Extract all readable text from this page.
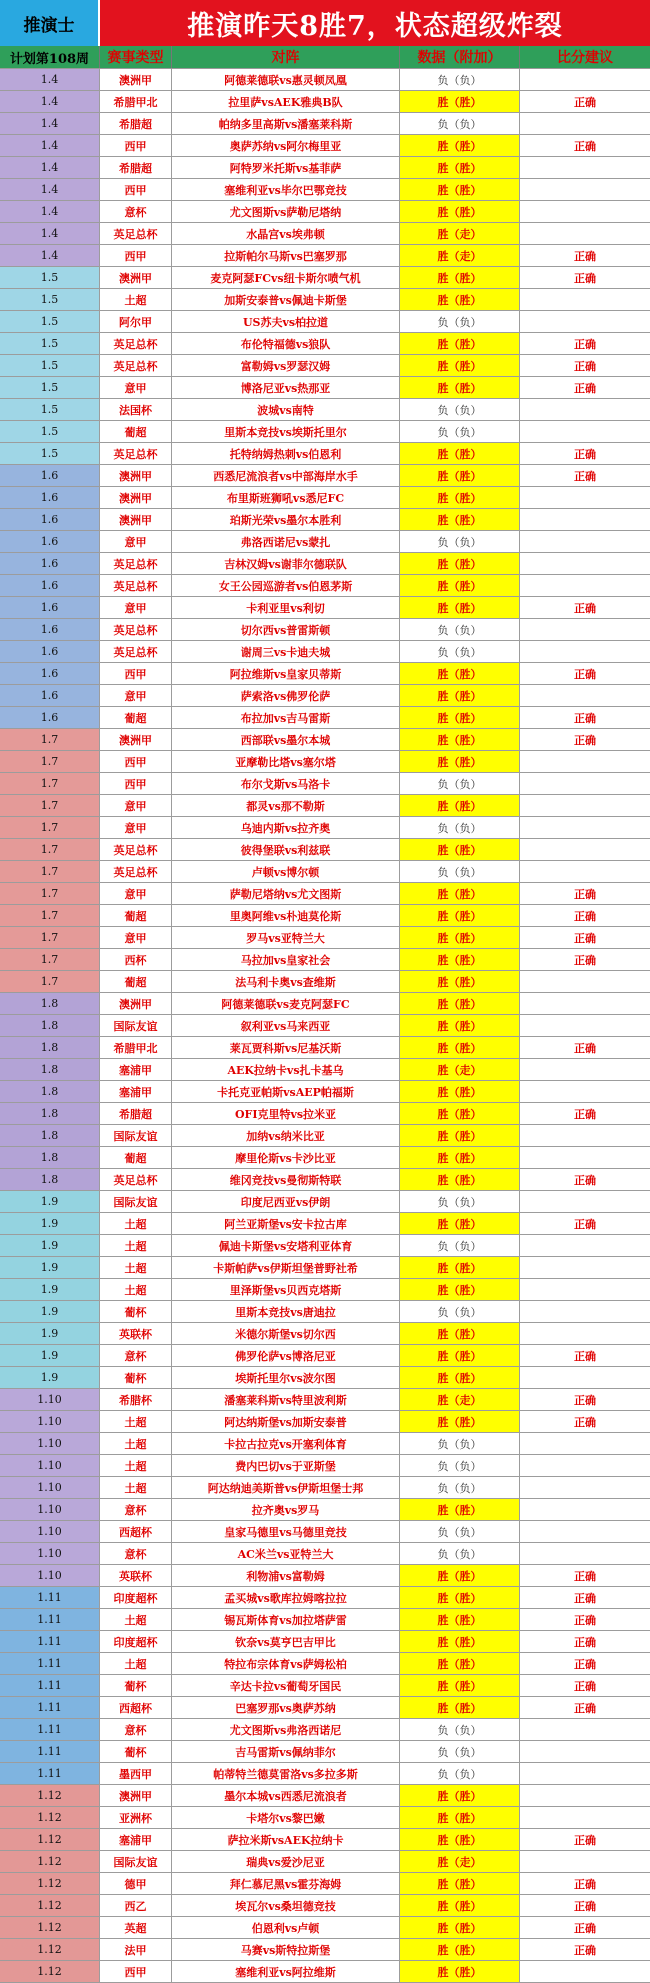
推演士	推演昨天8胜7，状态超级炸裂
计划第108周	赛事类型	对阵	数据（附加）	比分建议
1.4	澳洲甲	阿德莱德联vs惠灵顿凤凰	负（负）
1.4	希腊甲北	拉里萨vsAEK雅典B队	胜（胜）	正确
1.4	希腊超	帕纳多里高斯vs潘塞莱科斯	负（负）
1.4	西甲	奥萨苏纳vs阿尔梅里亚	胜（胜）	正确
1.4	希腊超	阿特罗米托斯vs基菲萨	胜（胜）
1.4	西甲	塞维利亚vs毕尔巴鄂竞技	胜（胜）
1.4	意杯	尤文图斯vs萨勒尼塔纳	胜（胜）
1.4	英足总杯	水晶宫vs埃弗顿	胜（走）
1.4	西甲	拉斯帕尔马斯vs巴塞罗那	胜（走）	正确
1.5	澳洲甲	麦克阿瑟FCvs纽卡斯尔喷气机	胜（胜）	正确
1.5	土超	加斯安泰普vs佩迪卡斯堡	胜（胜）
1.5	阿尔甲	US苏夫vs柏拉道	负（负）
1.5	英足总杯	布伦特福德vs狼队	胜（胜）	正确
1.5	英足总杯	富勒姆vs罗瑟汉姆	胜（胜）	正确
1.5	意甲	博洛尼亚vs热那亚	胜（胜）	正确
1.5	法国杯	波城vs南特	负（负）
1.5	葡超	里斯本竞技vs埃斯托里尔	负（负）
1.5	英足总杯	托特纳姆热刺vs伯恩利	胜（胜）	正确
1.6	澳洲甲	西悉尼流浪者vs中部海岸水手	胜（胜）	正确
1.6	澳洲甲	布里斯班狮吼vs悉尼FC	胜（胜）
1.6	澳洲甲	珀斯光荣vs墨尔本胜利	胜（胜）
1.6	意甲	弗洛西诺尼vs蒙扎	负（负）
1.6	英足总杯	吉林汉姆vs谢菲尔德联队	胜（胜）
1.6	英足总杯	女王公园巡游者vs伯恩茅斯	胜（胜）
1.6	意甲	卡利亚里vs利切	胜（胜）	正确
1.6	英足总杯	切尔西vs普雷斯顿	负（负）
1.6	英足总杯	谢周三vs卡迪夫城	负（负）
1.6	西甲	阿拉维斯vs皇家贝蒂斯	胜（胜）	正确
1.6	意甲	萨索洛vs佛罗伦萨	胜（胜）
1.6	葡超	布拉加vs吉马雷斯	胜（胜）	正确
1.7	澳洲甲	西部联vs墨尔本城	胜（胜）	正确
1.7	西甲	亚摩勒比塔vs塞尔塔	胜（胜）
1.7	西甲	布尔戈斯vs马洛卡	负（负）
1.7	意甲	都灵vs那不勒斯	胜（胜）
1.7	意甲	乌迪内斯vs拉齐奥	负（负）
1.7	英足总杯	彼得堡联vs利兹联	胜（胜）
1.7	英足总杯	卢顿vs博尔顿	负（负）
1.7	意甲	萨勒尼塔纳vs尤文图斯	胜（胜）	正确
1.7	葡超	里奥阿维vs朴迪莫伦斯	胜（胜）	正确
1.7	意甲	罗马vs亚特兰大	胜（胜）	正确
1.7	西杯	马拉加vs皇家社会	胜（胜）	正确
1.7	葡超	法马利卡奥vs查维斯	胜（胜）
1.8	澳洲甲	阿德莱德联vs麦克阿瑟FC	胜（胜）
1.8	国际友谊	叙利亚vs马来西亚	胜（胜）
1.8	希腊甲北	莱瓦贾科斯vs尼基沃斯	胜（胜）	正确
1.8	塞浦甲	AEK拉纳卡vs扎卡基乌	胜（走）
1.8	塞浦甲	卡托克亚帕斯vsAEP帕福斯	胜（胜）
1.8	希腊超	OFI克里特vs拉米亚	胜（胜）	正确
1.8	国际友谊	加纳vs纳米比亚	胜（胜）
1.8	葡超	摩里伦斯vs卡沙比亚	胜（胜）
1.8	英足总杯	维冈竞技vs曼彻斯特联	胜（胜）	正确
1.9	国际友谊	印度尼西亚vs伊朗	负（负）
1.9	土超	阿兰亚斯堡vs安卡拉古库	胜（胜）	正确
1.9	土超	佩迪卡斯堡vs安塔利亚体育	负（负）
1.9	土超	卡斯帕萨vs伊斯坦堡普野社希	胜（胜）
1.9	土超	里泽斯堡vs贝西克塔斯	胜（胜）
1.9	葡杯	里斯本竞技vs唐迪拉	负（负）
1.9	英联杯	米德尔斯堡vs切尔西	胜（胜）
1.9	意杯	佛罗伦萨vs博洛尼亚	胜（胜）	正确
1.9	葡杯	埃斯托里尔vs波尔图	胜（胜）
1.10	希腊杯	潘塞莱科斯vs特里波利斯	胜（走）	正确
1.10	土超	阿达纳斯堡vs加斯安泰普	胜（胜）	正确
1.10	土超	卡拉古拉克vs开塞利体育	负（负）
1.10	土超	费内巴切vs于亚斯堡	负（负）
1.10	土超	阿达纳迪美斯普vs伊斯坦堡士邦	负（负）
1.10	意杯	拉齐奥vs罗马	胜（胜）
1.10	西超杯	皇家马德里vs马德里竞技	负（负）
1.10	意杯	AC米兰vs亚特兰大	负（负）
1.10	英联杯	利物浦vs富勒姆	胜（胜）	正确
1.11	印度超杯	孟买城vs歌库拉姆喀拉拉	胜（胜）	正确
1.11	土超	锡瓦斯体育vs加拉塔萨雷	胜（胜）	正确
1.11	印度超杯	钦奈vs莫亨巴吉甲比	胜（胜）	正确
1.11	土超	特拉布宗体育vs萨姆松柏	胜（胜）	正确
1.11	葡杯	辛达卡拉vs葡萄牙国民	胜（胜）	正确
1.11	西超杯	巴塞罗那vs奥萨苏纳	胜（胜）	正确
1.11	意杯	尤文图斯vs弗洛西诺尼	负（负）
1.11	葡杯	吉马雷斯vs佩纳菲尔	负（负）
1.11	墨西甲	帕蒂特兰德莫雷洛vs多拉多斯	负（负）
1.12	澳洲甲	墨尔本城vs西悉尼流浪者	胜（胜）
1.12	亚洲杯	卡塔尔vs黎巴嫩	胜（胜）
1.12	塞浦甲	萨拉米斯vsAEK拉纳卡	胜（胜）	正确
1.12	国际友谊	瑞典vs爱沙尼亚	胜（走）
1.12	德甲	拜仁慕尼黑vs霍芬海姆	胜（胜）	正确
1.12	西乙	埃瓦尔vs桑坦德竞技	胜（胜）	正确
1.12	英超	伯恩利vs卢顿	胜（胜）	正确
1.12	法甲	马赛vs斯特拉斯堡	胜（胜）	正确
1.12	西甲	塞维利亚vs阿拉维斯	胜（胜）
